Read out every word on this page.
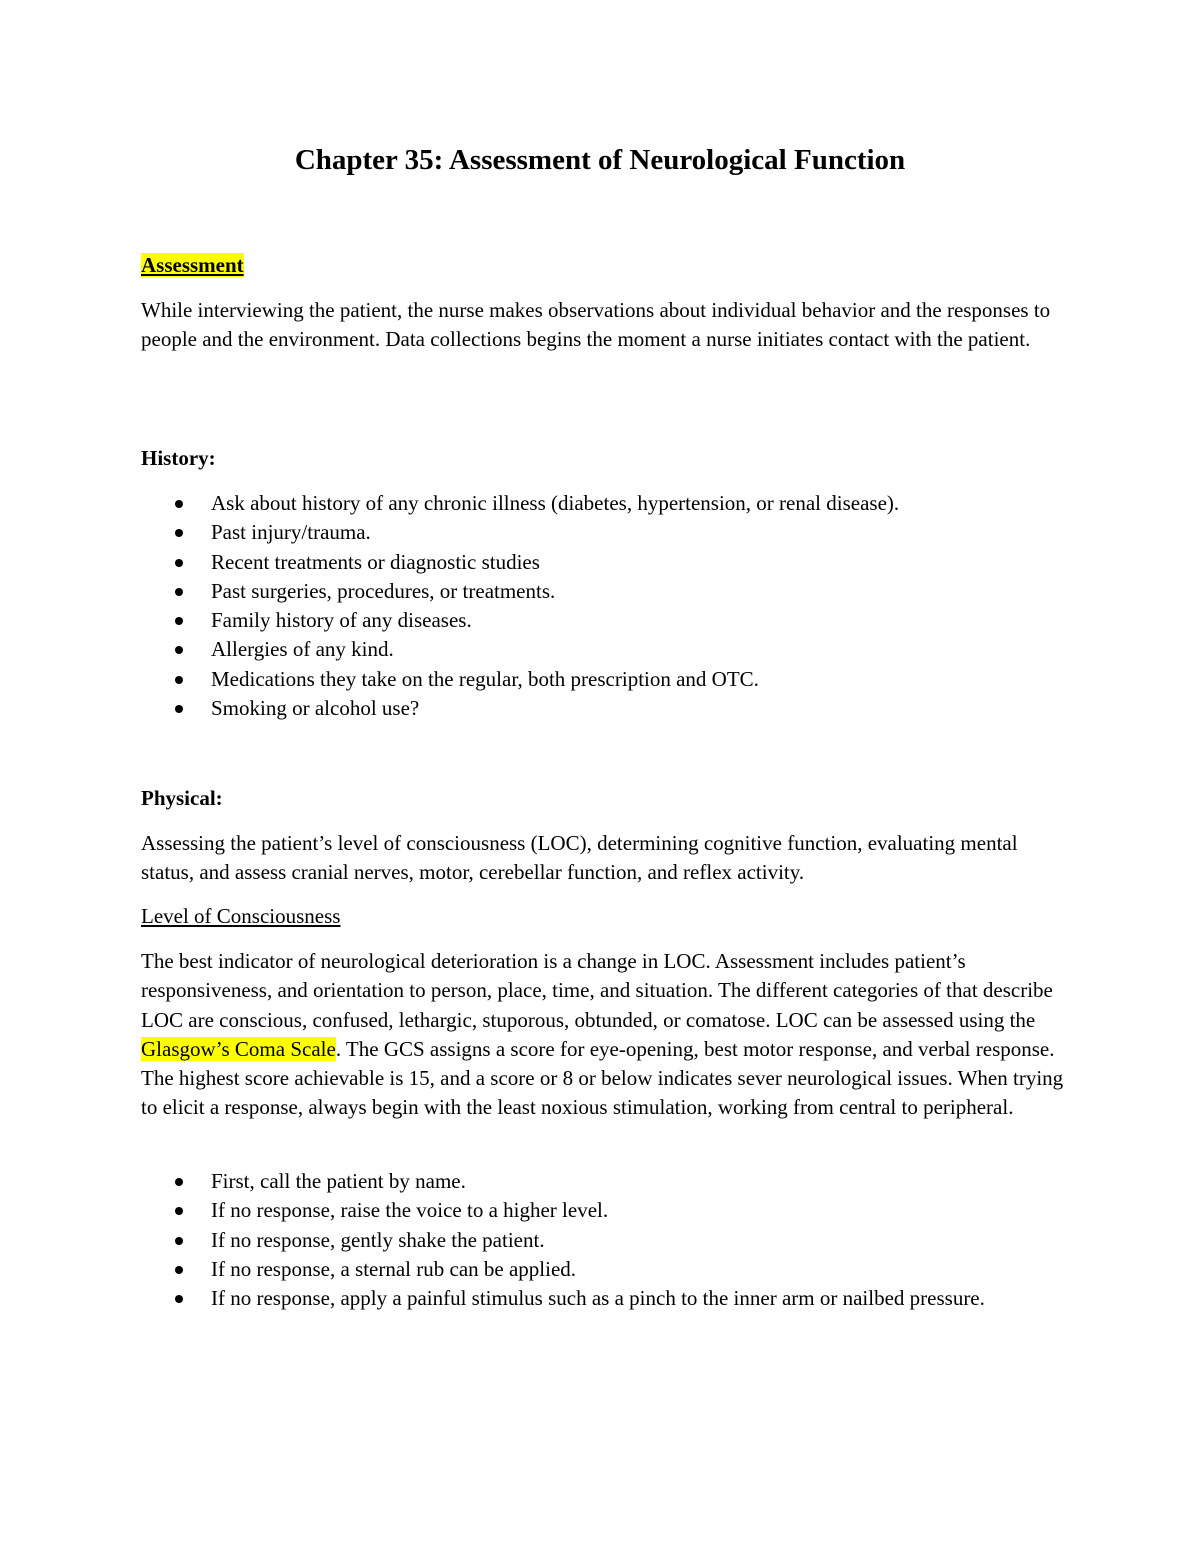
Chapter 35: Assessment of Neurological Function

Assessment

While interviewing the patient, the nurse makes observations about individual behavior and the responses to people and the environment. Data collections begins the moment a nurse initiates contact with the patient.

History:

Ask about history of any chronic illness (diabetes, hypertension, or renal disease).
Past injury/trauma.
Recent treatments or diagnostic studies
Past surgeries, procedures, or treatments.
Family history of any diseases.
Allergies of any kind.
Medications they take on the regular, both prescription and OTC.
Smoking or alcohol use?

Physical:

Assessing the patient’s level of consciousness (LOC), determining cognitive function, evaluating mental status, and assess cranial nerves, motor, cerebellar function, and reflex activity.

Level of Consciousness

The best indicator of neurological deterioration is a change in LOC. Assessment includes patient’s responsiveness, and orientation to person, place, time, and situation. The different categories of that describe LOC are conscious, confused, lethargic, stuporous, obtunded, or comatose. LOC can be assessed using the Glasgow’s Coma Scale. The GCS assigns a score for eye-opening, best motor response, and verbal response. The highest score achievable is 15, and a score or 8 or below indicates sever neurological issues. When trying to elicit a response, always begin with the least noxious stimulation, working from central to peripheral.

First, call the patient by name.
If no response, raise the voice to a higher level.
If no response, gently shake the patient.
If no response, a sternal rub can be applied.
If no response, apply a painful stimulus such as a pinch to the inner arm or nailbed pressure.
